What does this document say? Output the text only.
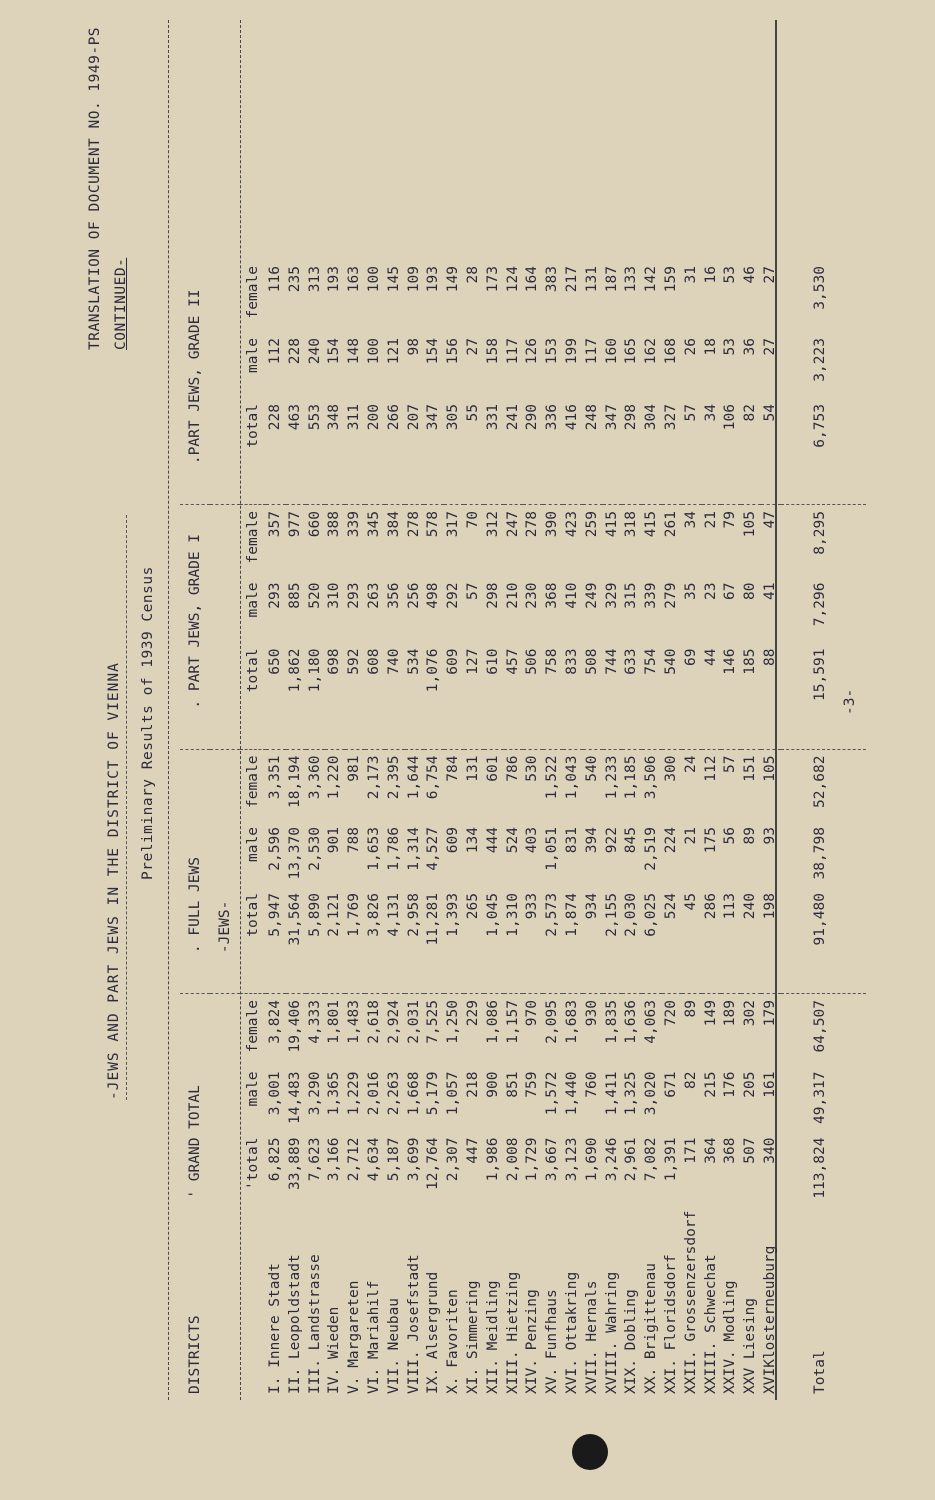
TRANSLATION OF DOCUMENT NO. 1949-PS CONTINUED-
-JEWS AND PART JEWS IN THE DISTRICT OF VIENNA Preliminary Results of 1939 Census
DISTRICTS	' GRAND TOTAL				. FULL JEWS				. PART JEWS, GRADE I				.PART JEWS, GRADE II		
					-JEWS-										
	'total	male	female		total	male	female		total	male	female		total	male	female
I. Innere Stadt	6,825	3,001	3,824		5,947	2,596	3,351		650	293	357		228	112	116
II. Leopoldstadt	33,889	14,483	19,406		31,564	13,370	18,194		1,862	885	977		463	228	235
III. Landstrasse	7,623	3,290	4,333		5,890	2,530	3,360		1,180	520	660		553	240	313
IV. Wieden	3,166	1,365	1,801		2,121	901	1,220		698	310	388		348	154	193
V. Margareten	2,712	1,229	1,483		1,769	788	981		592	293	339		311	148	163
VI. Mariahilf	4,634	2,016	2,618		3,826	1,653	2,173		608	263	345		200	100	100
VII. Neubau	5,187	2,263	2,924		4,131	1,786	2,395		740	356	384		266	121	145
VIII. Josefstadt	3,699	1,668	2,031		2,958	1,314	1,644		534	256	278		207	98	109
IX. Alsergrund	12,764	5,179	7,525		11,281	4,527	6,754		1,076	498	578		347	154	193
X. Favoriten	2,307	1,057	1,250		1,393	609	784		609	292	317		305	156	149
XI. Simmering	447	218	229		265	134	131		127	57	70		55	27	28
XII. Meidling	1,986	900	1,086		1,045	444	601		610	298	312		331	158	173
XIII. Hietzing	2,008	851	1,157		1,310	524	786		457	210	247		241	117	124
XIV. Penzing	1,729	759	970		933	403	530		506	230	278		290	126	164
XV. Funfhaus	3,667	1,572	2,095		2,573	1,051	1,522		758	368	390		336	153	383
XVI. Ottakring	3,123	1,440	1,683		1,874	831	1,043		833	410	423		416	199	217
XVII. Hernals	1,690	760	930		934	394	540		508	249	259		248	117	131
XVIII. Wahring	3,246	1,411	1,835		2,155	922	1,233		744	329	415		347	160	187
XIX. Dobling	2,961	1,325	1,636		2,030	845	1,185		633	315	318		298	165	133
XX. Brigittenau	7,082	3,020	4,063		6,025	2,519	3,506		754	339	415		304	162	142
XXI. Floridsdorf	1,391	671	720		524	224	300		540	279	261		327	168	159
XXII. Grossenzersdorf	171	82	89		45	21	24		69	35	34		57	26	31
XXIII. Schwechat	364	215	149		286	175	112		44	23	21		34	18	16
XXIV. Modling	368	176	189		113	56	57		146	67	79		106	53	53
XXV Liesing	507	205	302		240	89	151		185	80	105		82	36	46
XVIKlosterneuburg	340	161	179		198	93	105		88	41	47		54	27	27
Total	113,824	49,317	64,507		91,480	38,798	52,682		15,591	7,296	8,295		6,753	3,223	3,530
-3-
